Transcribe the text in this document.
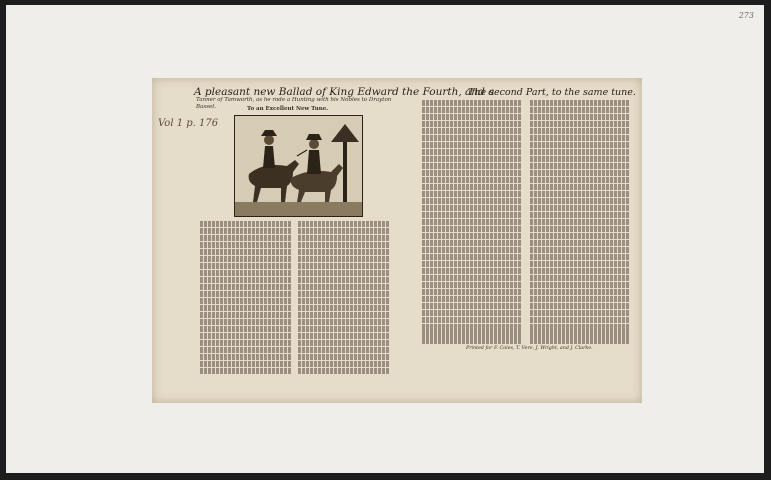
273
A pleasant new Ballad of King Edward the Fourth, and a
Tanner of Tamworth, as he rode a Hunting with his Nobles to Drayton Basset.	To an Excellent New Tune.
Vol 1 p. 176
The second Part, to the same tune.
Printed for F. Coles, T. Vere, J. Wright, and J. Clarke.
